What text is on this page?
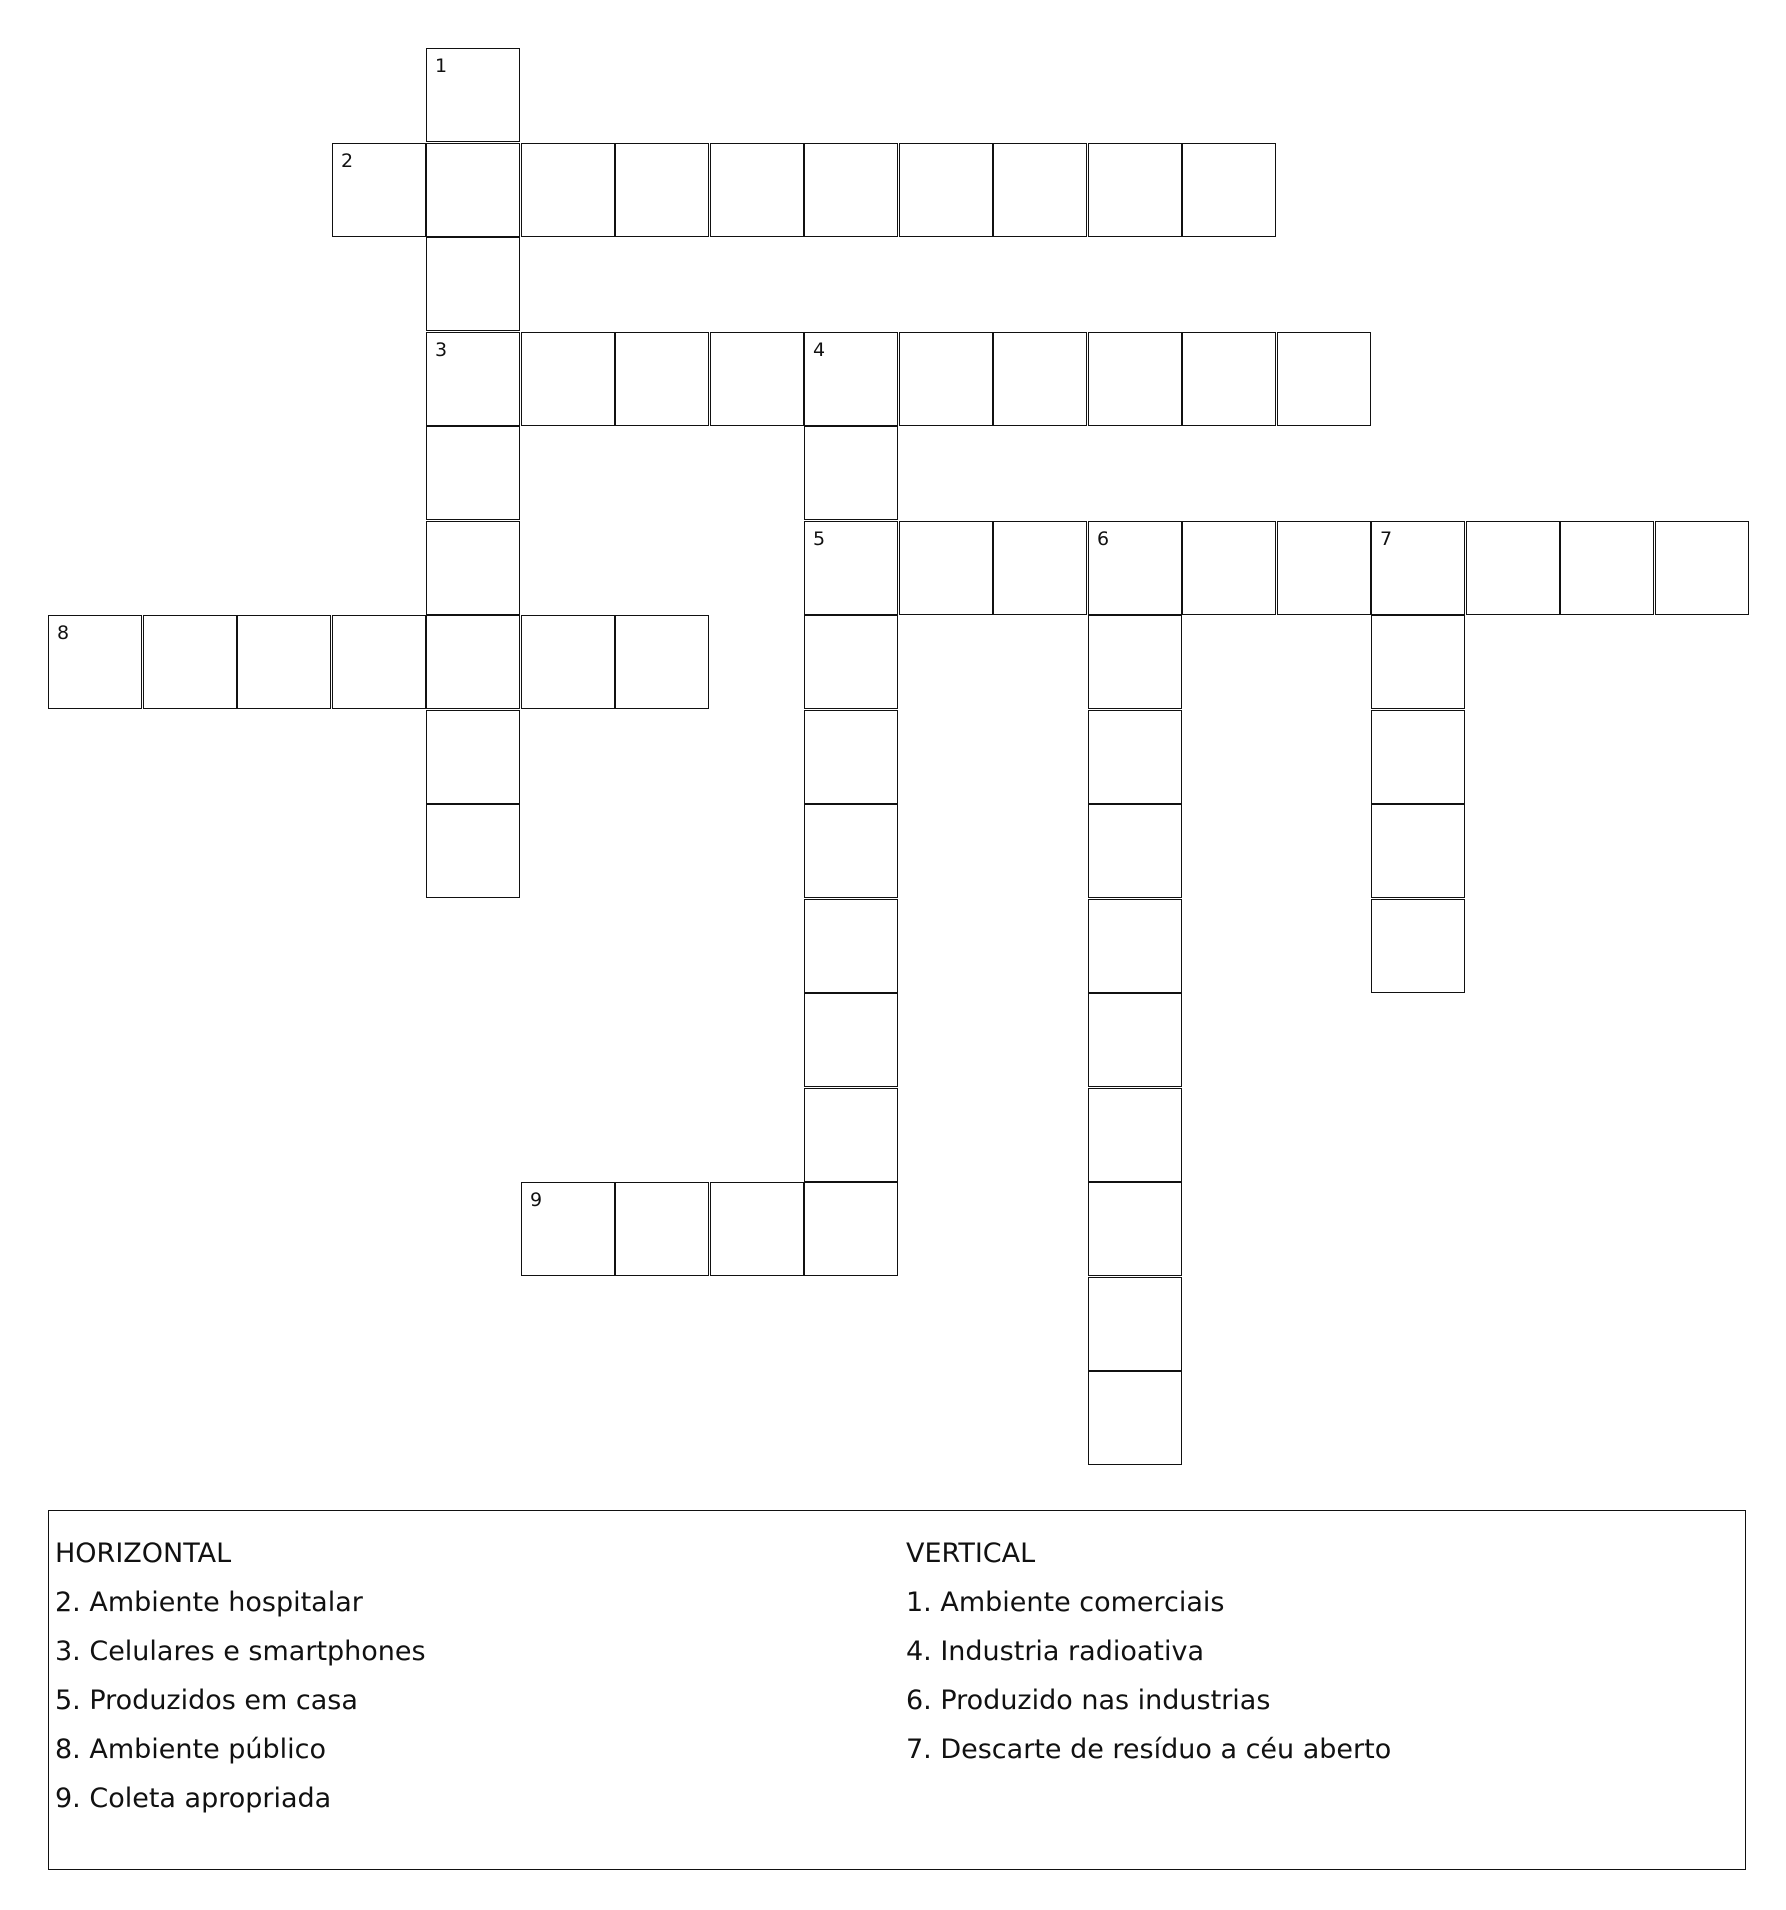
1
3
2
4
5	6	7
8
9
HORIZONTAL
2. Ambiente hospitalar
3. Celulares e smartphones
5. Produzidos em casa
8. Ambiente público
9. Coleta apropriada
VERTICAL
1. Ambiente comerciais
4. Industria radioativa
6. Produzido nas industrias
7. Descarte de resíduo a céu aberto
